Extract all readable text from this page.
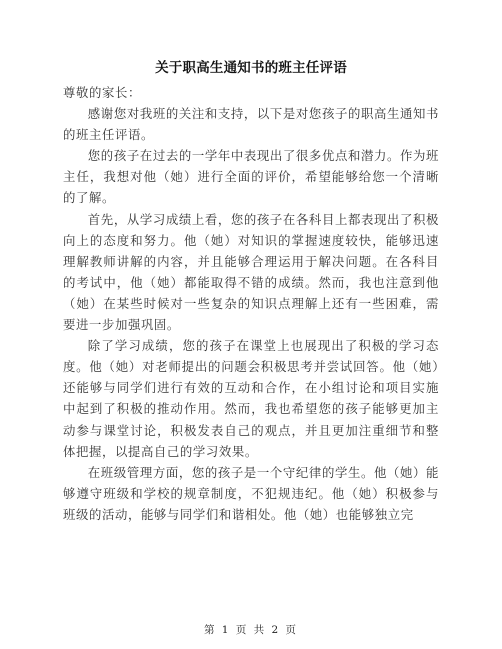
关于职高生通知书的班主任评语

尊敬的家长：

感谢您对我班的关注和支持，以下是对您孩子的职高生通知书的班主任评语。

您的孩子在过去的一学年中表现出了很多优点和潜力。作为班主任，我想对他（她）进行全面的评价，希望能够给您一个清晰的了解。

首先，从学习成绩上看，您的孩子在各科目上都表现出了积极向上的态度和努力。他（她）对知识的掌握速度较快，能够迅速理解教师讲解的内容，并且能够合理运用于解决问题。在各科目的考试中，他（她）都能取得不错的成绩。然而，我也注意到他（她）在某些时候对一些复杂的知识点理解上还有一些困难，需要进一步加强巩固。

除了学习成绩，您的孩子在课堂上也展现出了积极的学习态度。他（她）对老师提出的问题会积极思考并尝试回答。他（她）还能够与同学们进行有效的互动和合作，在小组讨论和项目实施中起到了积极的推动作用。然而，我也希望您的孩子能够更加主动参与课堂讨论，积极发表自己的观点，并且更加注重细节和整体把握，以提高自己的学习效果。

在班级管理方面，您的孩子是一个守纪律的学生。他（她）能够遵守班级和学校的规章制度，不犯规违纪。他（她）积极参与班级的活动，能够与同学们和谐相处。他（她）也能够独立完

第 1 页 共 2 页
